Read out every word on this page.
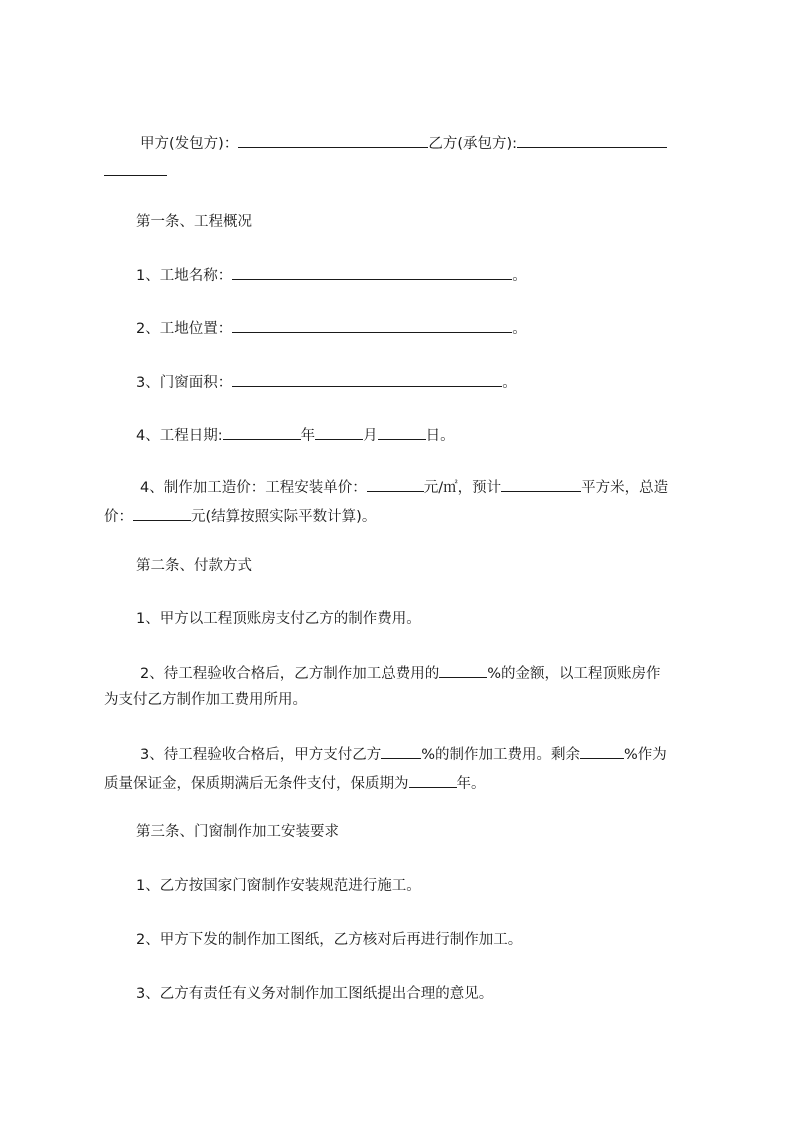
甲方(发包方)：	乙方(承包方):
第一条、工程概况
1、工地名称：	。
2、工地位置：	。
3、门窗面积：	。
4、工程日期:	年	月	日。
4、制作加工造价：工程安装单价：	元/㎡，预计	平方米，总造
价：	元(结算按照实际平数计算)。
第二条、付款方式
1、甲方以工程顶账房支付乙方的制作费用。
2、待工程验收合格后，乙方制作加工总费用的	%的金额，以工程顶账房作
为支付乙方制作加工费用所用。
3、待工程验收合格后，甲方支付乙方	%的制作加工费用。剩余	%作为
质量保证金，保质期满后无条件支付，保质期为	年。
第三条、门窗制作加工安装要求
1、乙方按国家门窗制作安装规范进行施工。
2、甲方下发的制作加工图纸，乙方核对后再进行制作加工。
3、乙方有责任有义务对制作加工图纸提出合理的意见。
